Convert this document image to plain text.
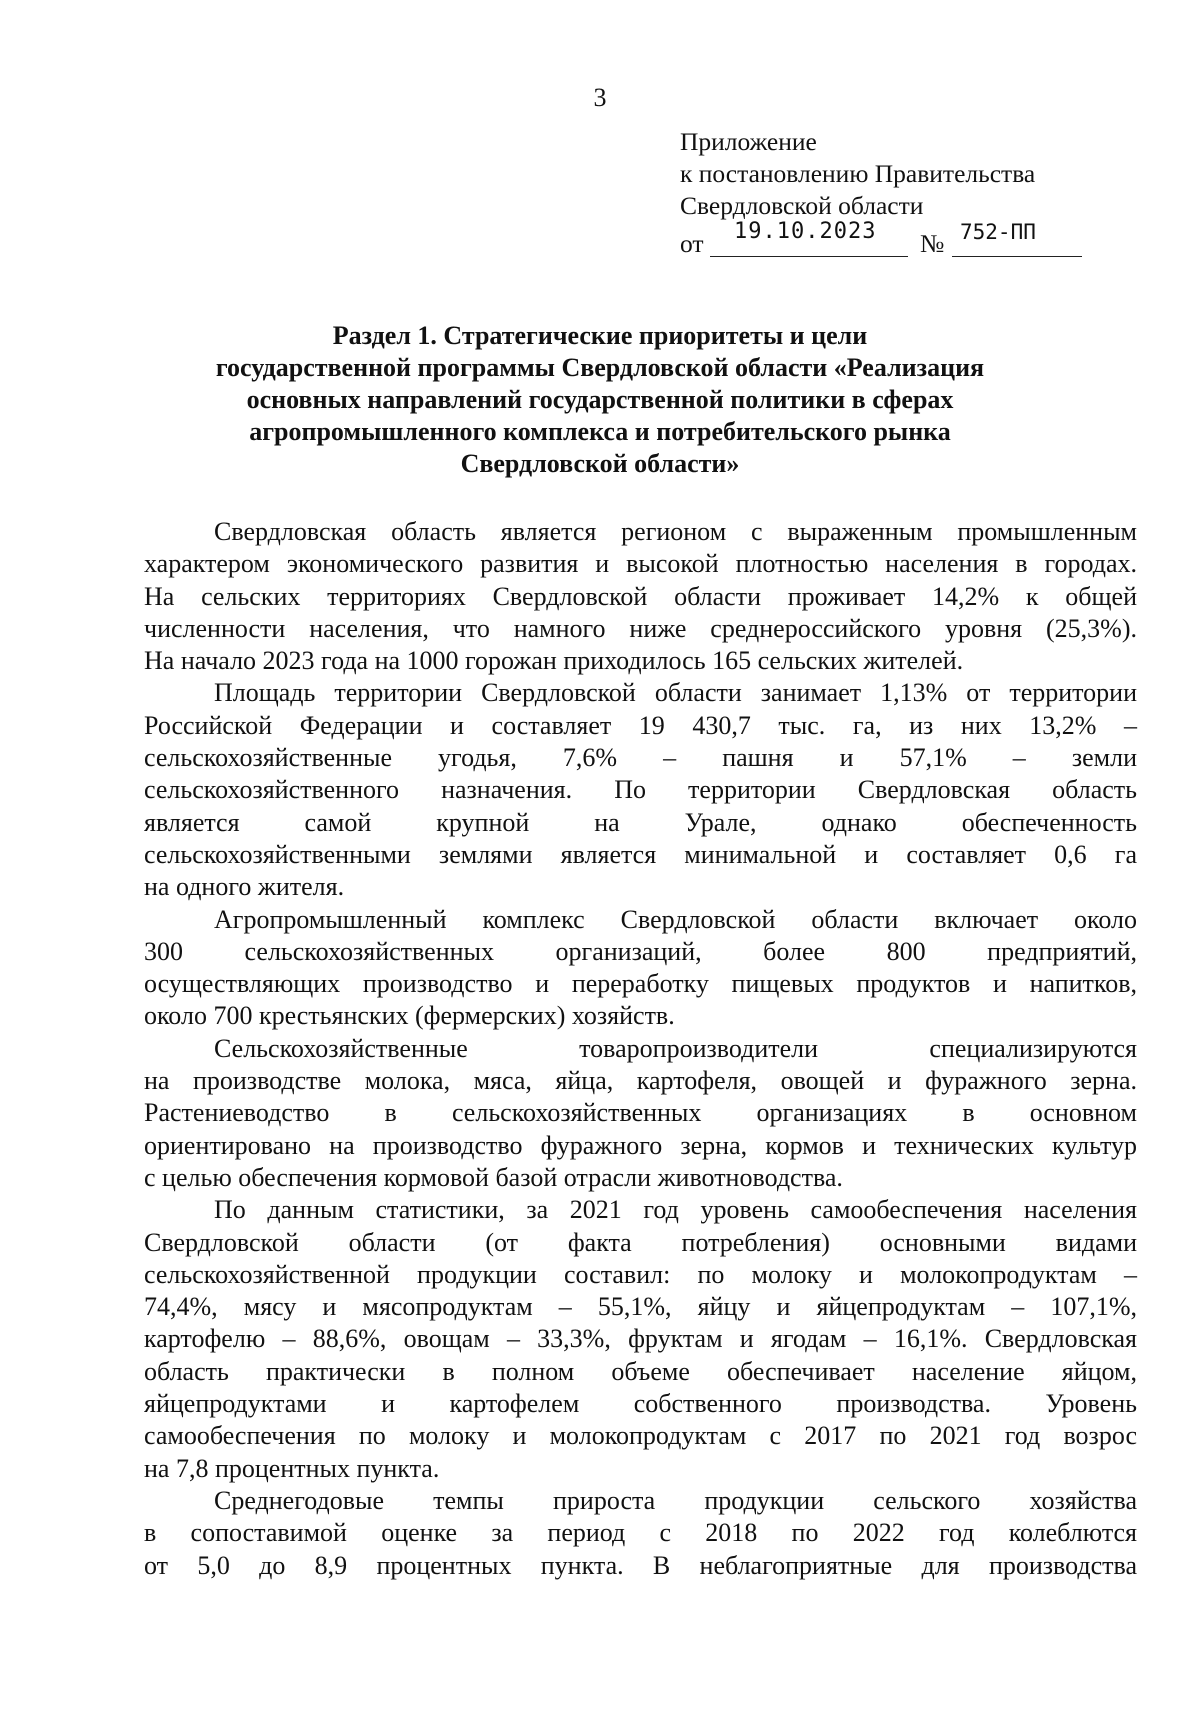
3
Приложение
к постановлению Правительства
Свердловской области
от 19.10.2023 № 752-ПП
Раздел 1. Стратегические приоритеты и цели
государственной программы Свердловской области «Реализация
основных направлений государственной политики в сферах
агропромышленного комплекса и потребительского рынка
Свердловской области»

Свердловская область является регионом с выраженным промышленным
характером экономического развития и высокой плотностью населения в городах.
На сельских территориях Свердловской области проживает 14,2% к общей
численности населения, что намного ниже среднероссийского уровня (25,3%).
На начало 2023 года на 1000 горожан приходилось 165 сельских жителей.

Площадь территории Свердловской области занимает 1,13% от территории
Российской Федерации и составляет 19 430,7 тыс. га, из них 13,2% –
сельскохозяйственные угодья, 7,6% – пашня и 57,1% – земли
сельскохозяйственного назначения. По территории Свердловская область
является самой крупной на Урале, однако обеспеченность
сельскохозяйственными землями является минимальной и составляет 0,6 га
на одного жителя.

Агропромышленный комплекс Свердловской области включает около
300 сельскохозяйственных организаций, более 800 предприятий,
осуществляющих производство и переработку пищевых продуктов и напитков,
около 700 крестьянских (фермерских) хозяйств.

Сельскохозяйственные товаропроизводители специализируются
на производстве молока, мяса, яйца, картофеля, овощей и фуражного зерна.
Растениеводство в сельскохозяйственных организациях в основном
ориентировано на производство фуражного зерна, кормов и технических культур
с целью обеспечения кормовой базой отрасли животноводства.

По данным статистики, за 2021 год уровень самообеспечения населения
Свердловской области (от факта потребления) основными видами
сельскохозяйственной продукции составил: по молоку и молокопродуктам –
74,4%, мясу и мясопродуктам – 55,1%, яйцу и яйцепродуктам – 107,1%,
картофелю – 88,6%, овощам – 33,3%, фруктам и ягодам – 16,1%. Свердловская
область практически в полном объеме обеспечивает население яйцом,
яйцепродуктами и картофелем собственного производства. Уровень
самообеспечения по молоку и молокопродуктам с 2017 по 2021 год возрос
на 7,8 процентных пункта.

Среднегодовые темпы прироста продукции сельского хозяйства
в сопоставимой оценке за период с 2018 по 2022 год колеблются
от 5,0 до 8,9 процентных пункта. В неблагоприятные для производства
